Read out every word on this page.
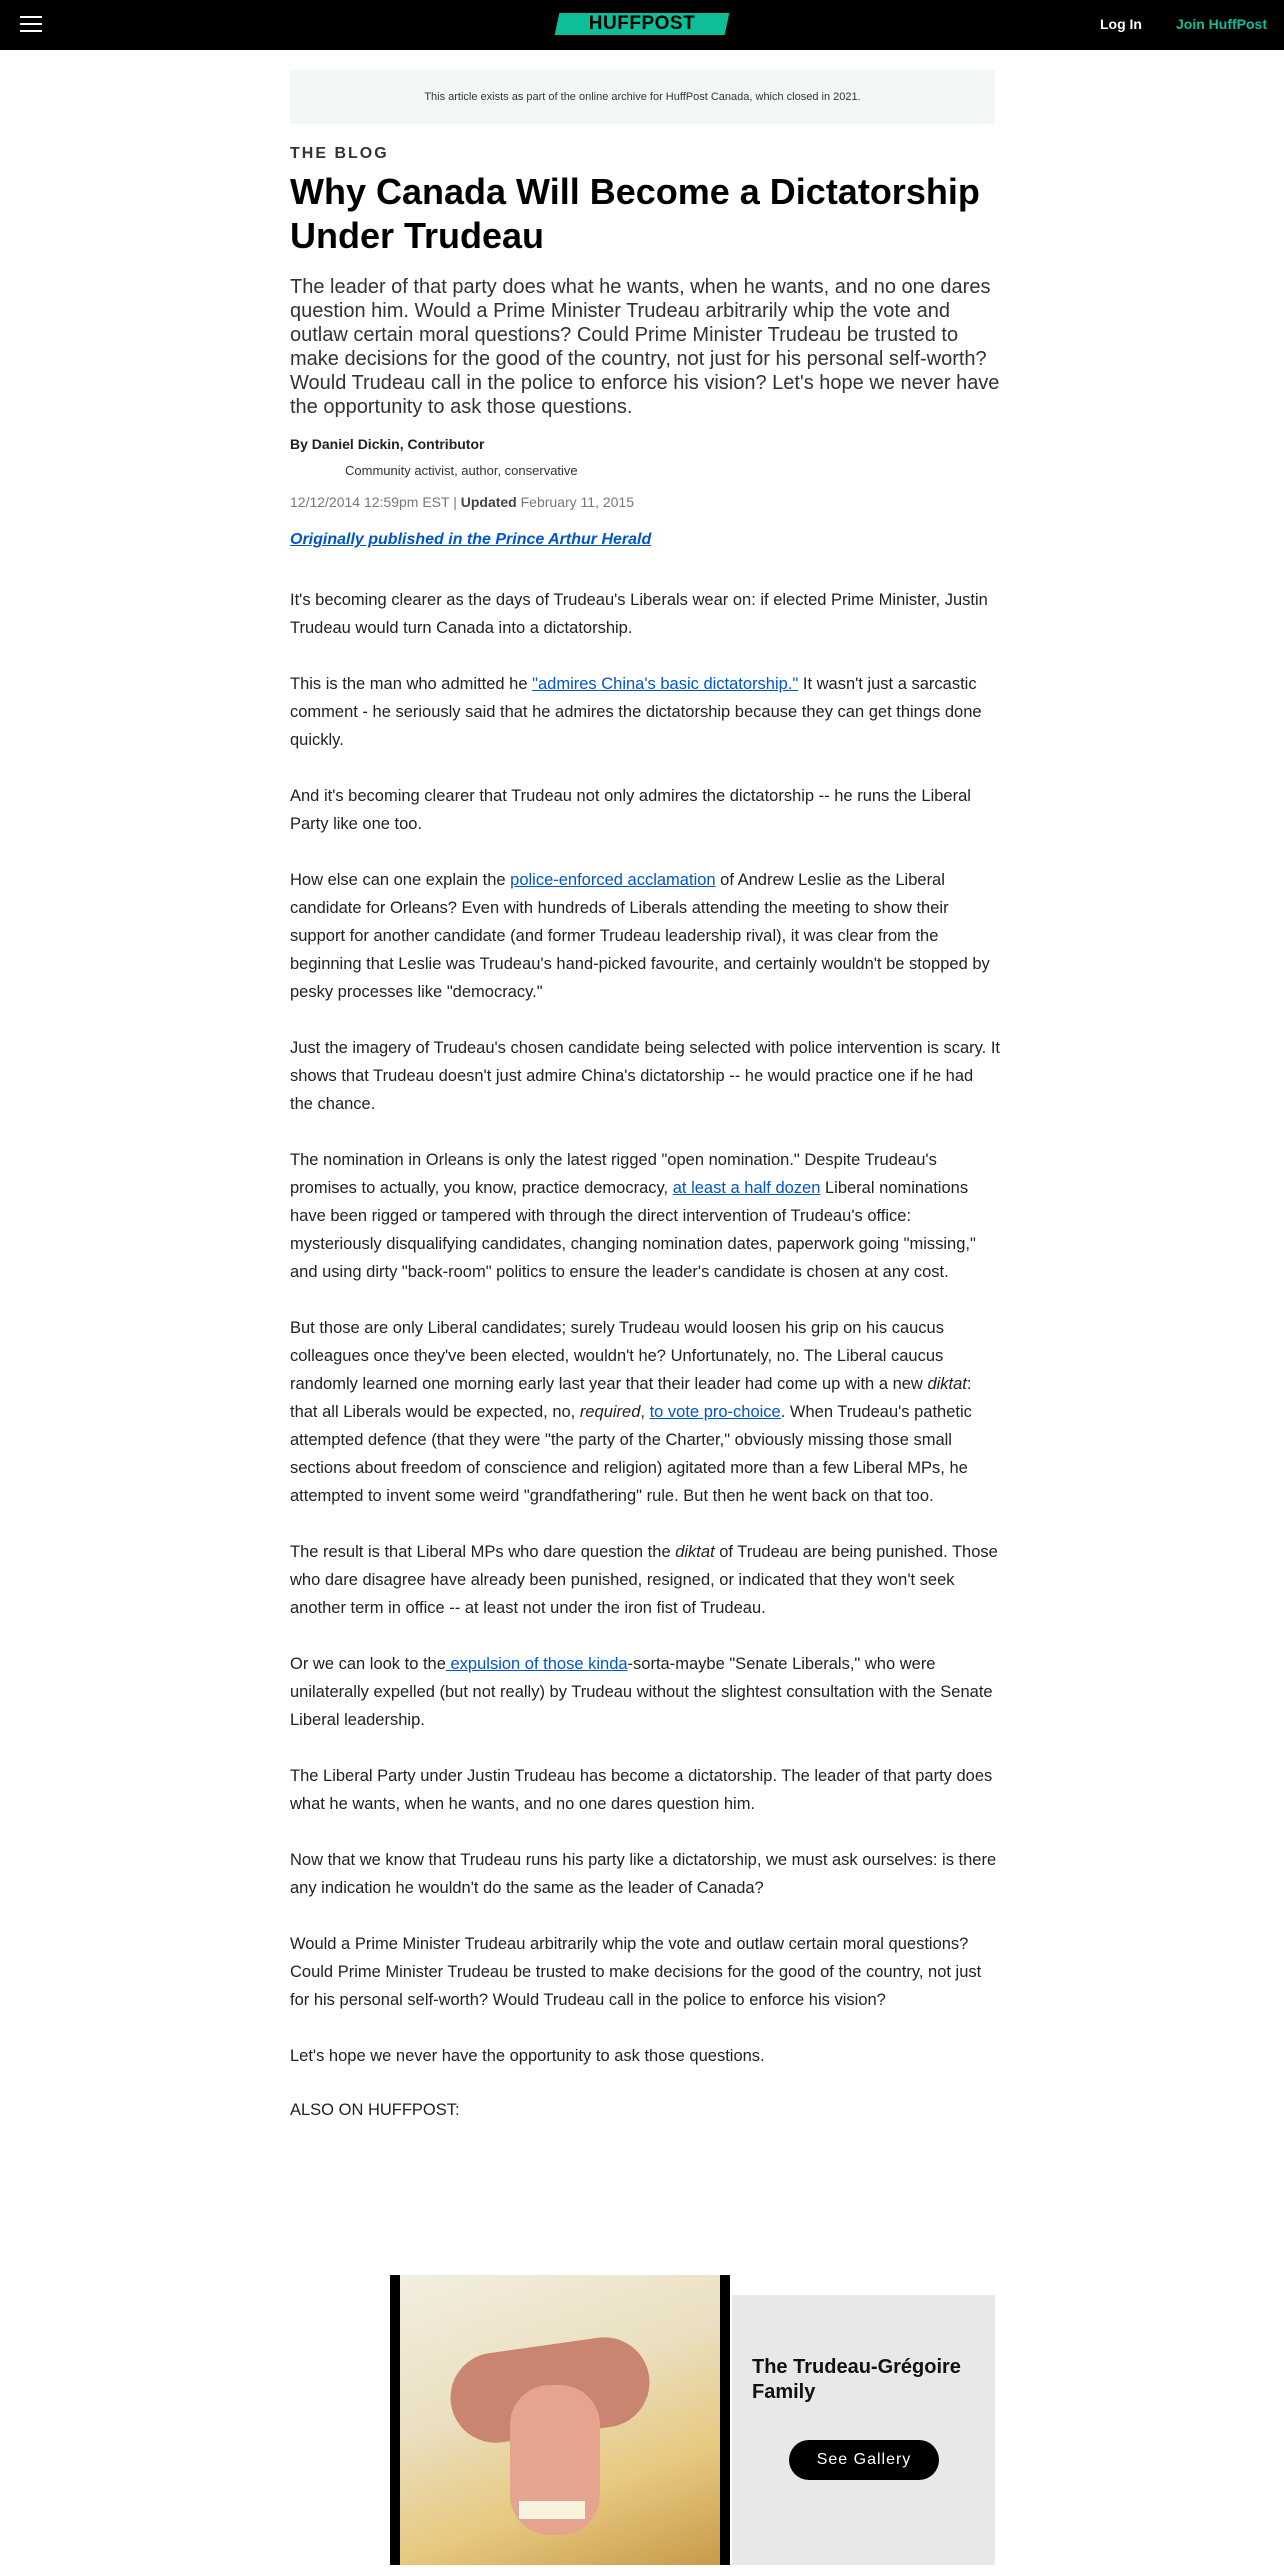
HUFFPOST	Log In Join HuffPost
This article exists as part of the online archive for HuffPost Canada, which closed in 2021.
THE BLOG
Why Canada Will Become a Dictatorship Under Trudeau
The leader of that party does what he wants, when he wants, and no one dares question him. Would a Prime Minister Trudeau arbitrarily whip the vote and outlaw certain moral questions? Could Prime Minister Trudeau be trusted to make decisions for the good of the country, not just for his personal self-worth? Would Trudeau call in the police to enforce his vision? Let's hope we never have the opportunity to ask those questions.
By Daniel Dickin, Contributor
Community activist, author, conservative
12/12/2014 12:59pm EST | Updated February 11, 2015
Originally published in the Prince Arthur Herald

It's becoming clearer as the days of Trudeau's Liberals wear on: if elected Prime Minister, Justin Trudeau would turn Canada into a dictatorship.

This is the man who admitted he "admires China's basic dictatorship." It wasn't just a sarcastic comment - he seriously said that he admires the dictatorship because they can get things done quickly.

And it's becoming clearer that Trudeau not only admires the dictatorship -- he runs the Liberal Party like one too.

How else can one explain the police-enforced acclamation of Andrew Leslie as the Liberal candidate for Orleans? Even with hundreds of Liberals attending the meeting to show their support for another candidate (and former Trudeau leadership rival), it was clear from the beginning that Leslie was Trudeau's hand-picked favourite, and certainly wouldn't be stopped by pesky processes like "democracy."

Just the imagery of Trudeau's chosen candidate being selected with police intervention is scary. It shows that Trudeau doesn't just admire China's dictatorship -- he would practice one if he had the chance.

The nomination in Orleans is only the latest rigged "open nomination." Despite Trudeau's promises to actually, you know, practice democracy, at least a half dozen Liberal nominations have been rigged or tampered with through the direct intervention of Trudeau's office: mysteriously disqualifying candidates, changing nomination dates, paperwork going "missing," and using dirty "back-room" politics to ensure the leader's candidate is chosen at any cost.

But those are only Liberal candidates; surely Trudeau would loosen his grip on his caucus colleagues once they've been elected, wouldn't he? Unfortunately, no. The Liberal caucus randomly learned one morning early last year that their leader had come up with a new diktat: that all Liberals would be expected, no, required, to vote pro-choice. When Trudeau's pathetic attempted defence (that they were "the party of the Charter," obviously missing those small sections about freedom of conscience and religion) agitated more than a few Liberal MPs, he attempted to invent some weird "grandfathering" rule. But then he went back on that too.

The result is that Liberal MPs who dare question the diktat of Trudeau are being punished. Those who dare disagree have already been punished, resigned, or indicated that they won't seek another term in office -- at least not under the iron fist of Trudeau.

Or we can look to the expulsion of those kinda-sorta-maybe "Senate Liberals," who were unilaterally expelled (but not really) by Trudeau without the slightest consultation with the Senate Liberal leadership.

The Liberal Party under Justin Trudeau has become a dictatorship. The leader of that party does what he wants, when he wants, and no one dares question him.

Now that we know that Trudeau runs his party like a dictatorship, we must ask ourselves: is there any indication he wouldn't do the same as the leader of Canada?

Would a Prime Minister Trudeau arbitrarily whip the vote and outlaw certain moral questions? Could Prime Minister Trudeau be trusted to make decisions for the good of the country, not just for his personal self-worth? Would Trudeau call in the police to enforce his vision?

Let's hope we never have the opportunity to ask those questions.

ALSO ON HUFFPOST:

The Trudeau-Grégoire Family
See Gallery
